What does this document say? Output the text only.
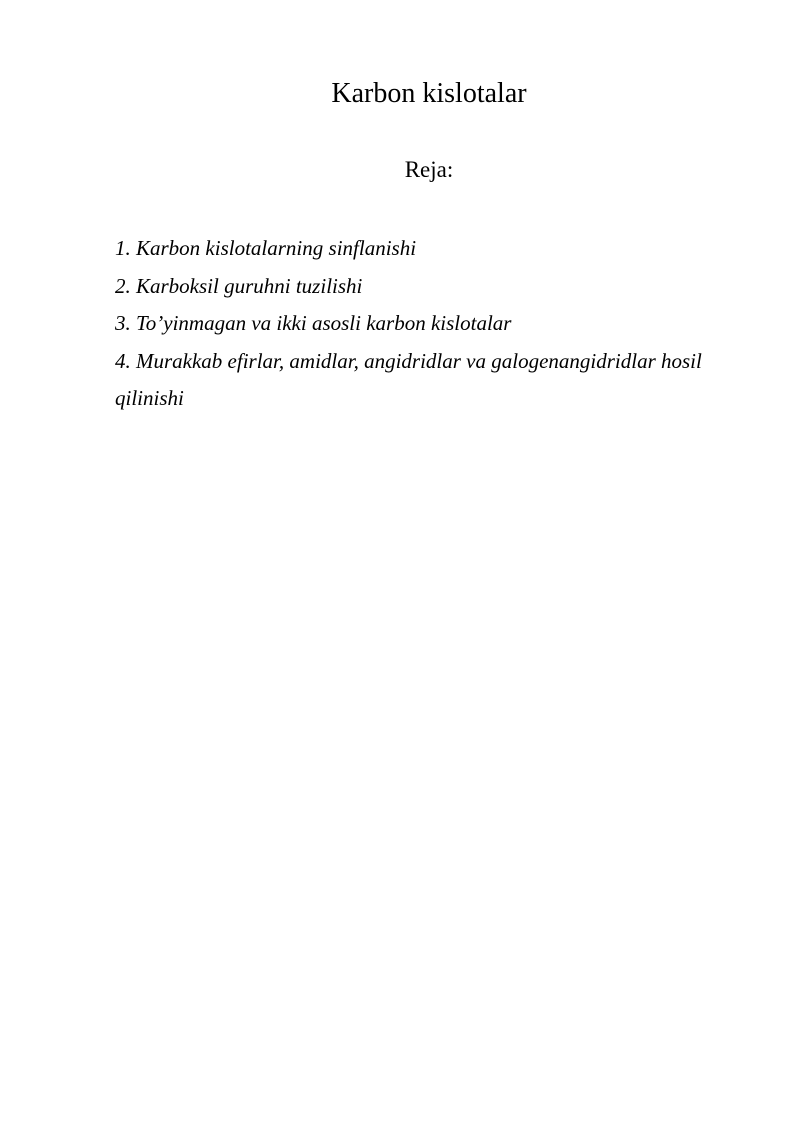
Karbon kislotalar
Reja:
1. Karbon kislotalarning sinflanishi
2. Karboksil guruhni tuzilishi
3. To’yinmagan va ikki asosli karbon kislotalar
4. Murakkab efirlar, amidlar, angidridlar va galogenangidridlar hosil qilinishi
